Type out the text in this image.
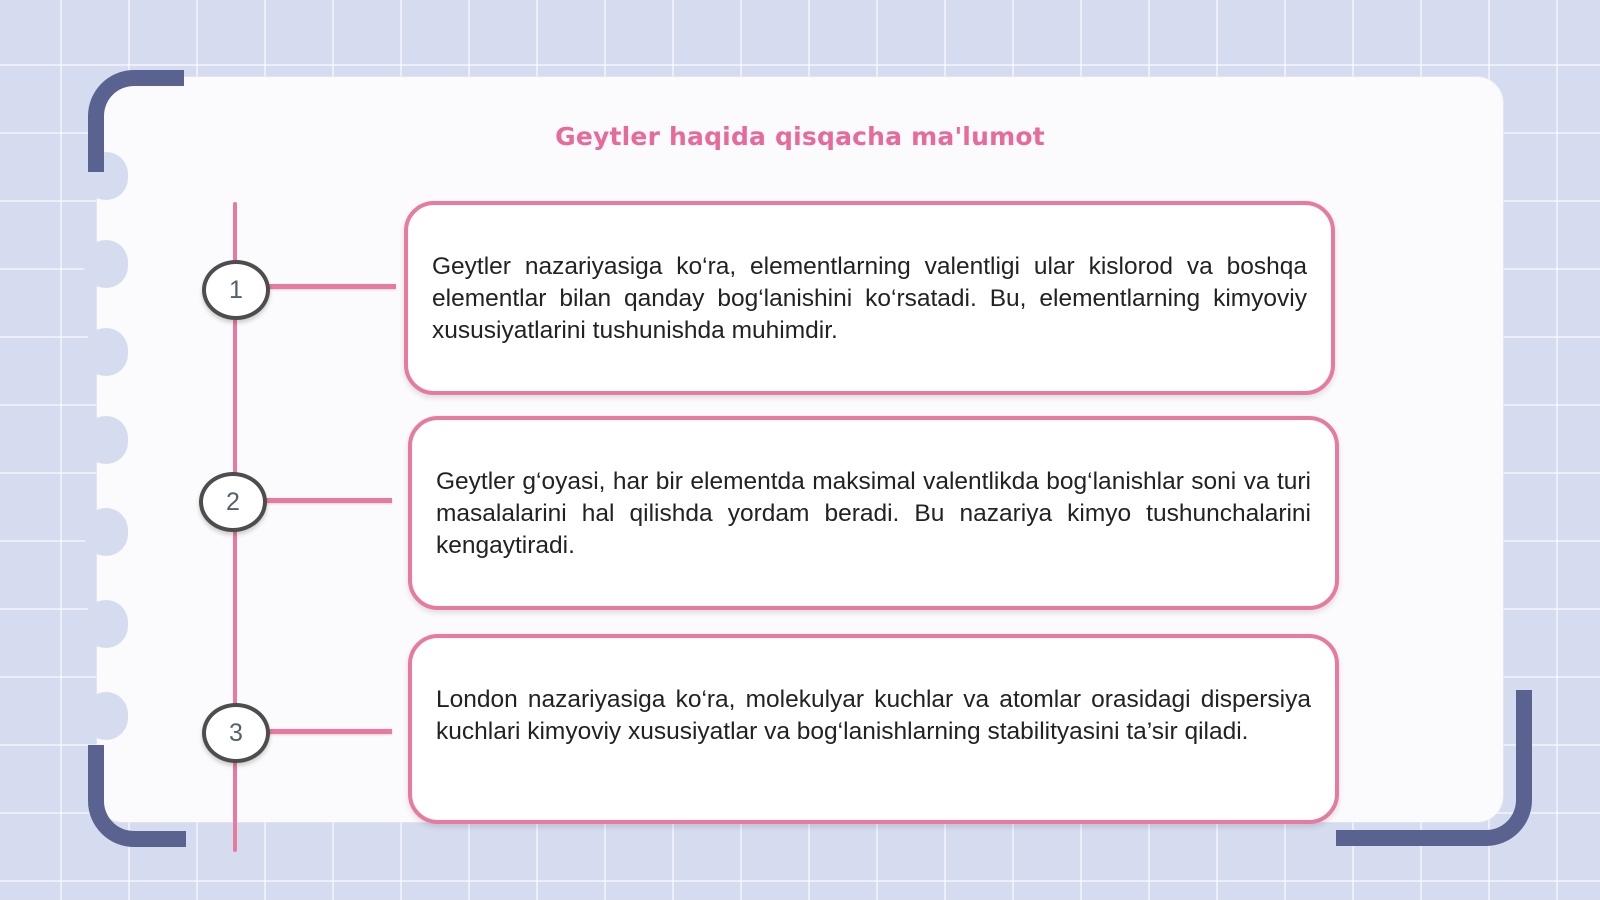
Geytler haqida qisqacha ma'lumot
1
2
3
Geytler nazariyasiga ko‘ra, elementlarning valentligi ular kislorod va boshqa elementlar bilan qanday bog‘lanishini ko‘rsatadi. Bu, elementlarning kimyoviy xususiyatlarini tushunishda muhimdir.
Geytler g‘oyasi, har bir elementda maksimal valentlikda bog‘lanishlar soni va turi masalalarini hal qilishda yordam beradi. Bu nazariya kimyo tushunchalarini kengaytiradi.
London nazariyasiga ko‘ra, molekulyar kuchlar va atomlar orasidagi dispersiya kuchlari kimyoviy xususiyatlar va bog‘lanishlarning stabilityasini ta’sir qiladi.
